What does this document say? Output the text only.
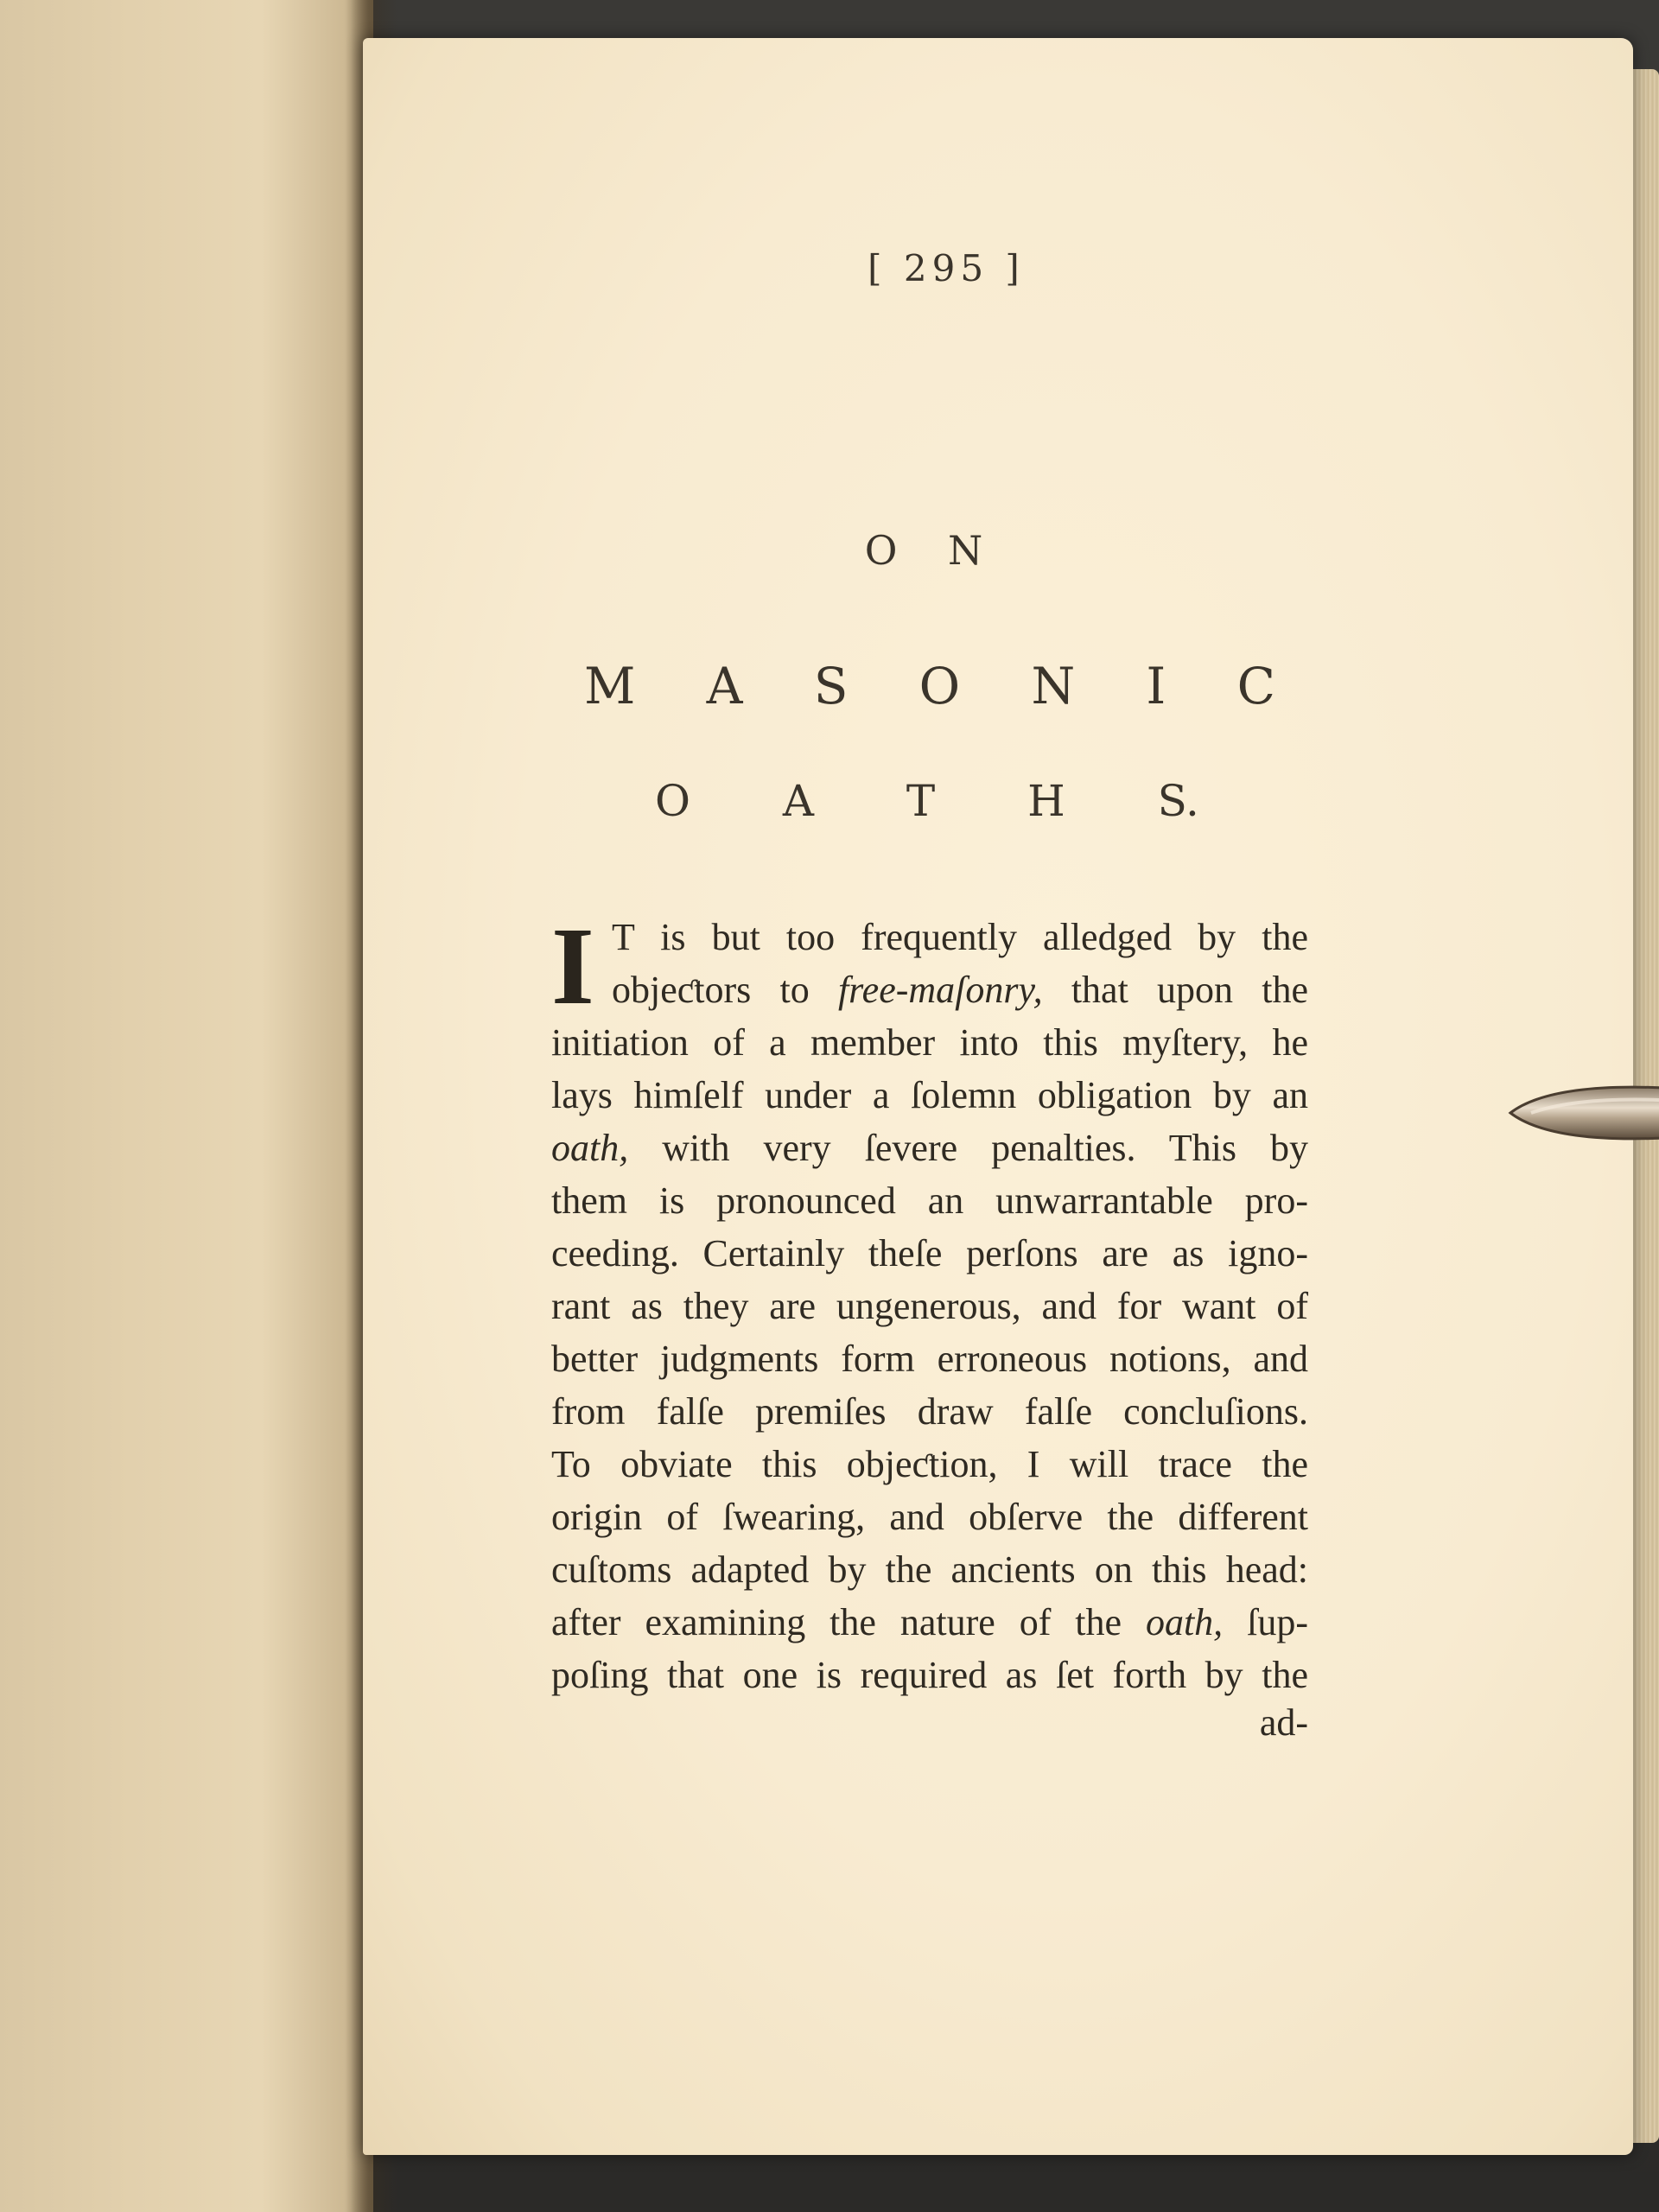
[ 295 ]
O N
M A S O N I C
O A T H S.
I T is but too frequently alledged by the
objeƈtors to free-maſonry, that upon the
initiation of a member into this myſtery, he
lays himſelf under a ſolemn obligation by an
oath, with very ſevere penalties. This by
them is pronounced an unwarrantable pro-
ceeding. Certainly theſe perſons are as igno-
rant as they are ungenerous, and for want of
better judgments form erroneous notions, and
from falſe premiſes draw falſe concluſions.
To obviate this objeƈtion, I will trace the
origin of ſwearing, and obſerve the different
cuſtoms adapted by the ancients on this head:
after examining the nature of the oath, ſup-
poſing that one is required as ſet forth by the
ad-
